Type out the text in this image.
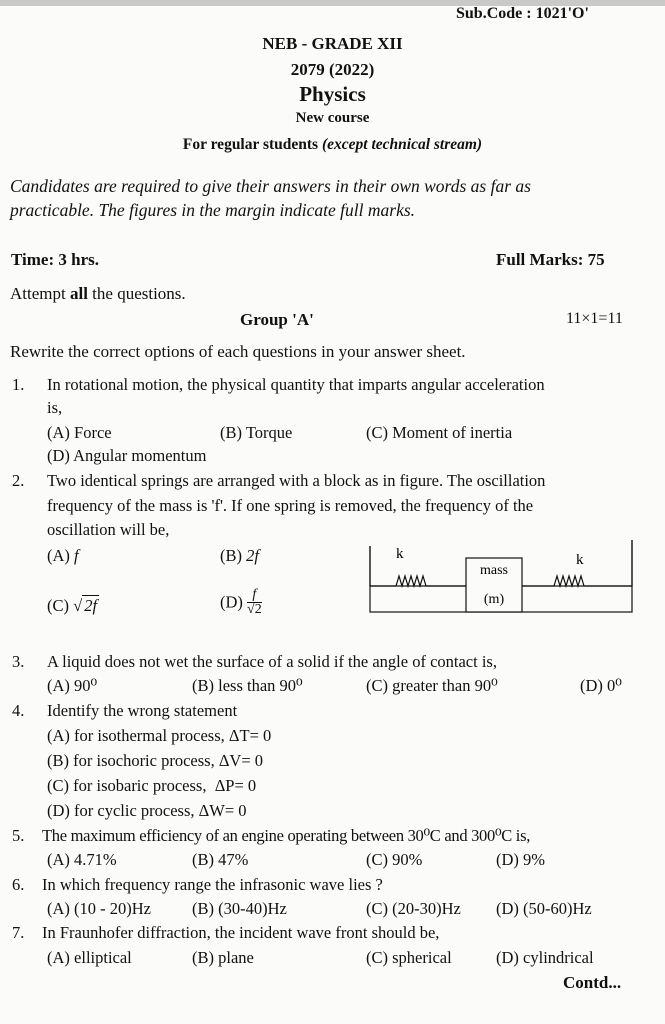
Sub.Code : 1021'O'
NEB - GRADE XII
2079 (2022)
Physics
New course
For regular students (except technical stream)
Candidates are required to give their answers in their own words as far as
practicable. The figures in the margin indicate full marks.
Time: 3 hrs.	Full Marks: 75
Attempt all the questions.
Group 'A'	11×1=11
Rewrite the correct options of each questions in your answer sheet.
1. In rotational motion, the physical quantity that imparts angular acceleration
is,
(A) Force	(B) Torque	(C) Moment of inertia
(D) Angular momentum
2. Two identical springs are arranged with a block as in figure. The oscillation
frequency of the mass is 'f'. If one spring is removed, the frequency of the
oscillation will be,
(A) f	(B) 2f
(C) √ 2f	$(D) \frac{f}{√2}$
k	k
mass
(m)
3. A liquid does not wet the surface of a solid if the angle of contact is,
(A) 90⁰	(B) less than 90⁰	(C) greater than 90⁰	(D) 0⁰
4. Identify the wrong statement
(A) for isothermal process, ΔT= 0
(B) for isochoric process, ΔV= 0
(C) for isobaric process,  ΔP= 0
(D) for cyclic process, ΔW= 0
5. The maximum efficiency of an engine operating between 30⁰C and 300⁰C is,
(A) 4.71%	(B) 47%	(C) 90%	(D) 9%
6. In which frequency range the infrasonic wave lies ?
(A) (10 - 20)Hz (B) (30-40)Hz	(C) (20-30)Hz (D) (50-60)Hz
7. In Fraunhofer diffraction, the incident wave front should be,
(A) elliptical	(B) plane	(C) spherical	(D) cylindrical
Contd...
